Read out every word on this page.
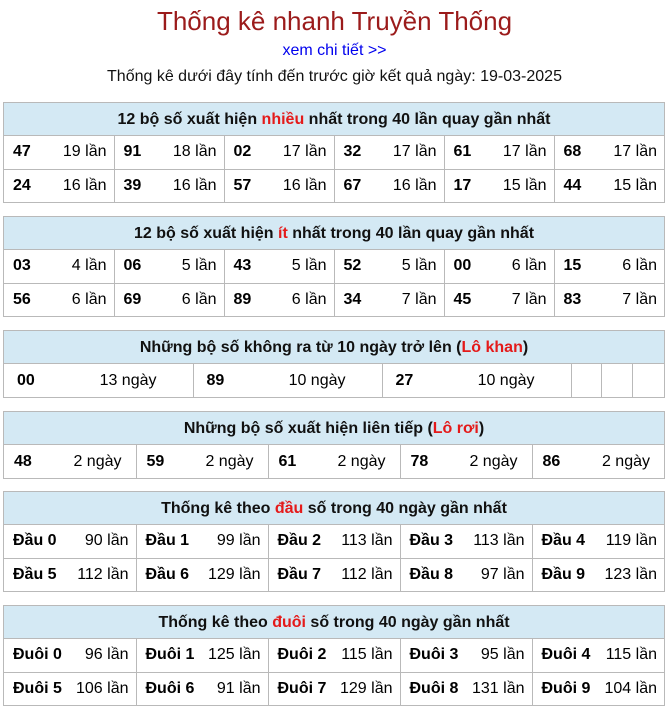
Thống kê nhanh Truyền Thống
xem chi tiết >>
Thống kê dưới đây tính đến trước giờ kết quả ngày: 19-03-2025
12 bộ số xuất hiện nhiều nhất trong 40 lần quay gần nhất
47 19 lần	91 18 lần	02 17 lần	32 17 lần	61 17 lần	68 17 lần

24 16 lần	39 16 lần	57 16 lần	67 16 lần	17 15 lần	44 15 lần
12 bộ số xuất hiện ít nhất trong 40 lần quay gần nhất
03 4 lần	06 5 lần	43 5 lần	52 5 lần	00 6 lần	15 6 lần

56 6 lần	69 6 lần	89 6 lần	34 7 lần	45 7 lần	83 7 lần
Những bộ số không ra từ 10 ngày trở lên (Lô khan)
00	13 ngày	89	10 ngày	27	10 ngày

Những bộ số xuất hiện liên tiếp (Lô rơi)
48	2 ngày	59	2 ngày	61	2 ngày	78	2 ngày	86	2 ngày
Thống kê theo đầu số trong 40 ngày gần nhất
Đầu 0 90 lần	Đầu 1 99 lần	Đầu 2 113 lần	Đầu 3 113 lần	Đầu 4 119 lần

Đầu 5 112 lần	Đầu 6 129 lần	Đầu 7 112 lần	Đầu 8 97 lần	Đầu 9 123 lần
Thống kê theo đuôi số trong 40 ngày gần nhất
Đuôi 0 96 lần	Đuôi 1 125 lần	Đuôi 2 115 lần	Đuôi 3 95 lần	Đuôi 4 115 lần

Đuôi 5 106 lần	Đuôi 6 91 lần	Đuôi 7 129 lần	Đuôi 8 131 lần	Đuôi 9 104 lần
